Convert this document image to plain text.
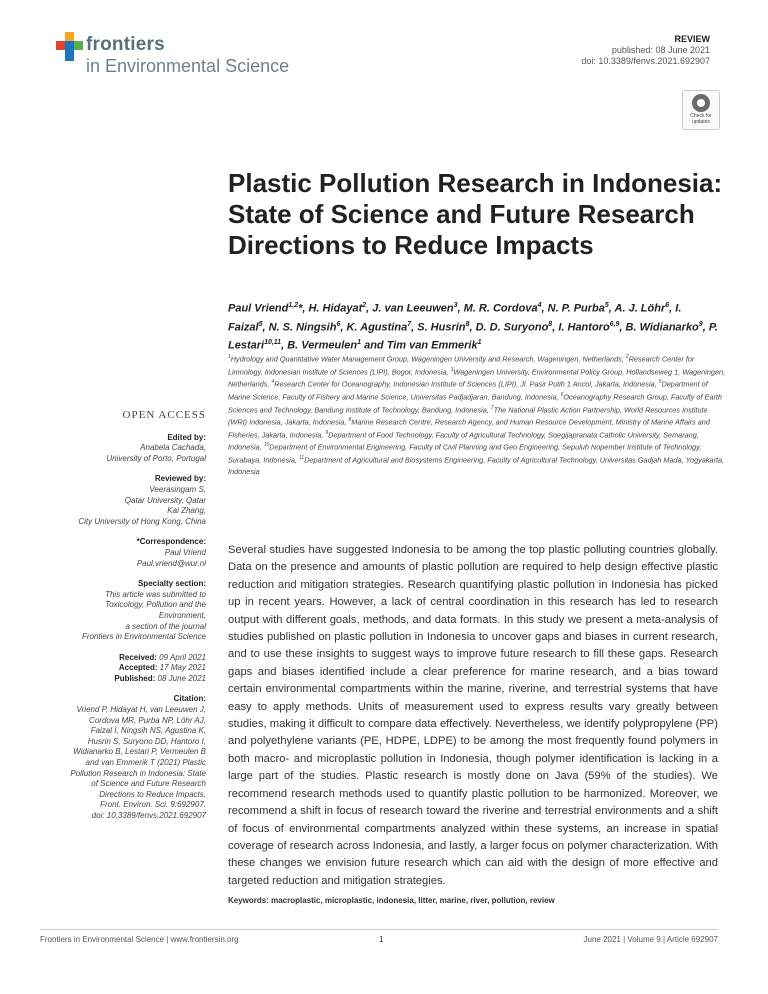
frontiers
in Environmental Science
REVIEW
published: 08 June 2021
doi: 10.3389/fenvs.2021.692907
Check for
updates
Plastic Pollution Research in Indonesia: State of Science and Future Research Directions to Reduce Impacts
Paul Vriend$^{1,2}$*, H. Hidayat$^2$, J. van Leeuwen$^3$, M. R. Cordova$^4$, N. P. Purba$^5$, A. J. Löhr$^6$, I. Faizal$^5$, N. S. Ningsih$^6$, K. Agustina$^7$, S. Husrin$^8$, D. D. Suryono$^8$, I. Hantoro$^{6,9}$, B. Widianarko$^9$, P. Lestari$^{10,11}$, B. Vermeulen$^1$ and Tim van Emmerik$^1$
$^1$Hydrology and Quantitative Water Management Group, Wageningen University and Research, Wageningen, Netherlands, $^2$Research Center for Limnology, Indonesian Institute of Sciences (LIPI), Bogor, Indonesia, $^3$Wageningen University, Environmental Policy Group, Hollandseweg 1, Wageningen, Netherlands, $^4$Research Center for Oceanography, Indonesian Institute of Sciences (LIPI), Jl. Pasir Putih 1 Ancol, Jakarta, Indonesia, $^5$Department of Marine Science, Faculty of Fishery and Marine Science, Universitas Padjadjaran, Bandung, Indonesia, $^6$Oceanography Research Group, Faculty of Earth Sciences and Technology, Bandung Institute of Technology, Bandung, Indonesia, $^7$The National Plastic Action Partnership, World Resources Institute (WRI) Indonesia, Jakarta, Indonesia, $^8$Marine Research Centre, Research Agency, and Human Resource Development, Ministry of Marine Affairs and Fisheries, Jakarta, Indonesia, $^9$Department of Food Technology, Faculty of Agricultural Technology, Soegijapranata Catholic University, Semarang, Indonesia, $^{10}$Department of Environmental Engineering, Faculty of Civil Planning and Geo Engineering, Sepuluh Nopember Institute of Technology, Surabaya, Indonesia, $^{11}$Department of Agricultural and Biosystems Engineering, Faculty of Agricultural Technology, Universitas Gadjah Mada, Yogyakarta, Indonesia
OPEN ACCESS
Edited by:
Anabela Cachada,
University of Porto, Portugal
Reviewed by:
Veerasingam S,
Qatar University, Qatar
Kai Zhang,
City University of Hong Kong, China
*Correspondence:
Paul Vriend
Paul.vriend@wur.nl
Specialty section:
This article was submitted to
Toxicology, Pollution and the
Environment,
a section of the journal
Frontiers in Environmental Science
Received: 09 April 2021
Accepted: 17 May 2021
Published: 08 June 2021
Citation:
Vriend P, Hidayat H, van Leeuwen J,
Cordova MR, Purba NP, Löhr AJ,
Faizal I, Ningsih NS, Agustina K,
Husrin S, Suryono DD, Hantoro I,
Widianarko B, Lestari P, Vermeulen B
and van Emmerik T (2021) Plastic
Pollution Research in Indonesia: State
of Science and Future Research
Directions to Reduce Impacts.
Front. Environ. Sci. 9:692907.
doi: 10.3389/fenvs.2021.692907

Several studies have suggested Indonesia to be among the top plastic polluting countries globally. Data on the presence and amounts of plastic pollution are required to help design effective plastic reduction and mitigation strategies. Research quantifying plastic pollution in Indonesia has picked up in recent years. However, a lack of central coordination in this research has led to research output with different goals, methods, and data formats. In this study we present a meta-analysis of studies published on plastic pollution in Indonesia to uncover gaps and biases in current research, and to use these insights to suggest ways to improve future research to fill these gaps. Research gaps and biases identified include a clear preference for marine research, and a bias toward certain environmental compartments within the marine, riverine, and terrestrial systems that have easy to apply methods. Units of measurement used to express results vary greatly between studies, making it difficult to compare data effectively. Nevertheless, we identify polypropylene (PP) and polyethylene variants (PE, HDPE, LDPE) to be among the most frequently found polymers in both macro- and microplastic pollution in Indonesia, though polymer identification is lacking in a large part of the studies. Plastic research is mostly done on Java (59% of the studies). We recommend research methods used to quantify plastic pollution to be harmonized. Moreover, we recommend a shift in focus of research toward the riverine and terrestrial environments and a shift of focus of environmental compartments analyzed within these systems, an increase in spatial coverage of research across Indonesia, and lastly, a larger focus on polymer characterization. With these changes we envision future research which can aid with the design of more effective and targeted reduction and mitigation strategies.

Keywords: macroplastic, microplastic, indonesia, litter, marine, river, pollution, review
Frontiers in Environmental Science | www.frontiersin.org	1	June 2021 | Volume 9 | Article 692907
